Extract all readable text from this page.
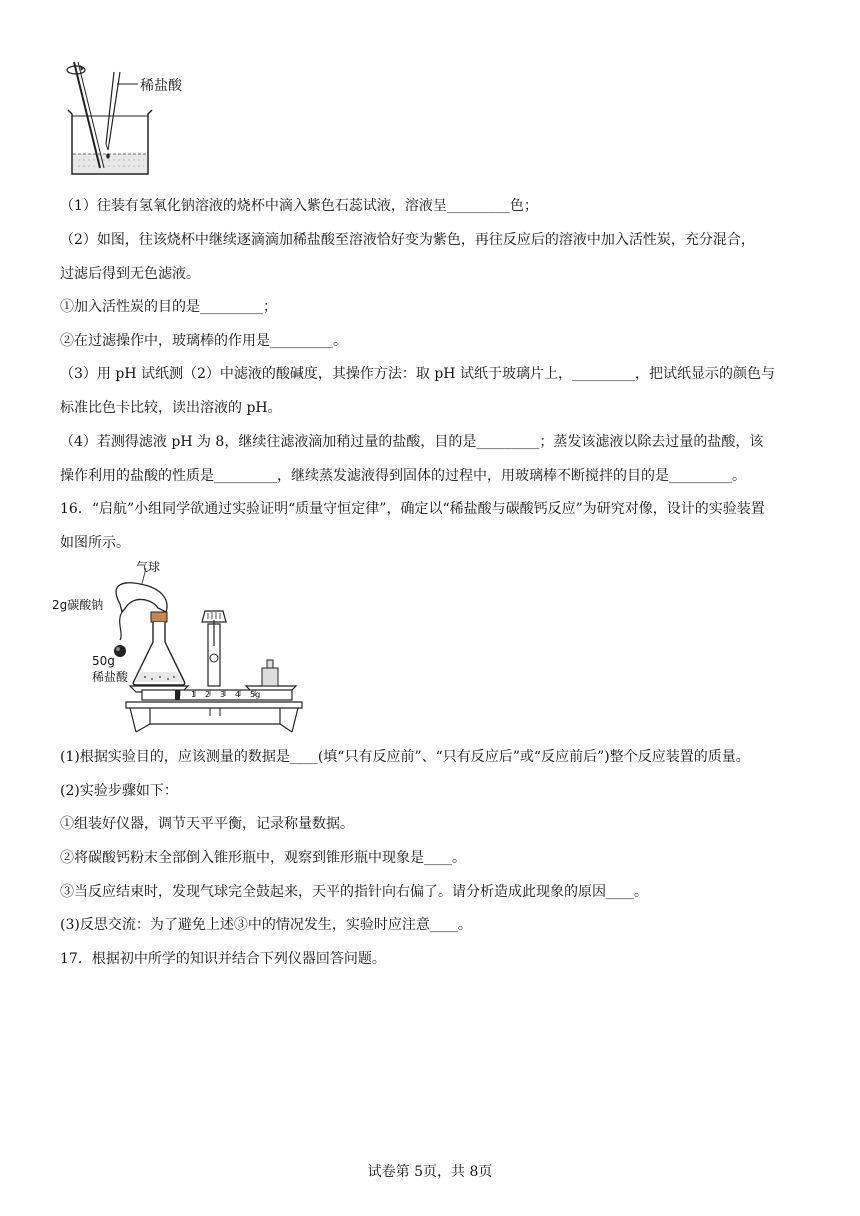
稀盐酸
（1）往装有氢氧化钠溶液的烧杯中滴入紫色石蕊试液，溶液呈_________色；
（2）如图，往该烧杯中继续逐滴滴加稀盐酸至溶液恰好变为紫色，再往反应后的溶液中加入活性炭，充分混合，
过滤后得到无色滤液。
①加入活性炭的目的是_________；
②在过滤操作中，玻璃棒的作用是_________。
（3）用 pH 试纸测（2）中滤液的酸碱度，其操作方法：取 pH 试纸于玻璃片上，_________，把试纸显示的颜色与
标准比色卡比较，读出溶液的 pH。
（4）若测得滤液 pH 为 8，继续往滤液滴加稍过量的盐酸，目的是_________；蒸发该滤液以除去过量的盐酸，该
操作利用的盐酸的性质是_________，继续蒸发滤液得到固体的过程中，用玻璃棒不断搅拌的目的是_________。
16．“启航”小组同学欲通过实验证明“质量守恒定律”，确定以“稀盐酸与碳酸钙反应”为研究对像，设计的实验装置
如图所示。
气球
2g碳酸钠
50g
稀盐酸
1 2 3 4 5g
(1)根据实验目的，应该测量的数据是____(填“只有反应前”、“只有反应后”或“反应前后”)整个反应装置的质量。
(2)实验步骤如下：
①组装好仪器，调节天平平衡，记录称量数据。
②将碳酸钙粉末全部倒入锥形瓶中，观察到锥形瓶中现象是____。
③当反应结束时，发现气球完全鼓起来，天平的指针向右偏了。请分析造成此现象的原因____。
(3)反思交流：为了避免上述③中的情况发生，实验时应注意____。
17．根据初中所学的知识并结合下列仪器回答问题。
试卷第 5页，共 8页
